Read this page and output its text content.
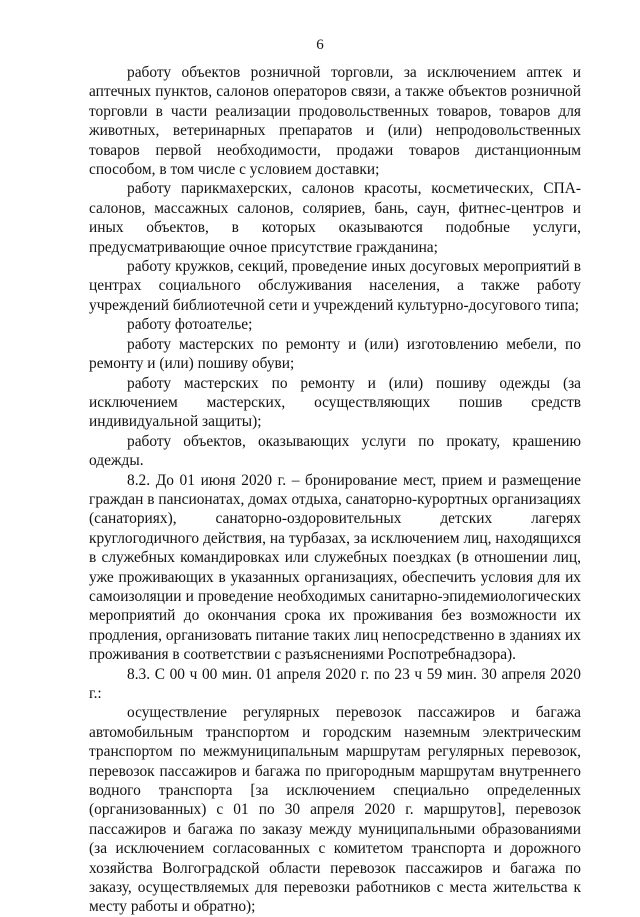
6

работу объектов розничной торговли, за исключением аптек и аптечных пунктов, салонов операторов связи, а также объектов розничной торговли в части реализации продовольственных товаров, товаров для животных, ветеринарных препаратов и (или) непродовольственных товаров первой необходимости, продажи товаров дистанционным способом, в том числе с условием доставки;

работу парикмахерских, салонов красоты, косметических, СПА-салонов, массажных салонов, соляриев, бань, саун, фитнес-центров и иных объектов, в которых оказываются подобные услуги, предусматривающие очное присутствие гражданина;

работу кружков, секций, проведение иных досуговых мероприятий в центрах социального обслуживания населения, а также работу учреждений библиотечной сети и учреждений культурно-досугового типа;

работу фотоателье;

работу мастерских по ремонту и (или) изготовлению мебели, по ремонту и (или) пошиву обуви;

работу мастерских по ремонту и (или) пошиву одежды (за исключением мастерских, осуществляющих пошив средств индивидуальной защиты);

работу объектов, оказывающих услуги по прокату, крашению одежды.

8.2. До 01 июня 2020 г. – бронирование мест, прием и размещение граждан в пансионатах, домах отдыха, санаторно-курортных организациях (санаториях), санаторно-оздоровительных детских лагерях круглогодичного действия, на турбазах, за исключением лиц, находящихся в служебных командировках или служебных поездках (в отношении лиц, уже проживающих в указанных организациях, обеспечить условия для их самоизоляции и проведение необходимых санитарно-эпидемиологических мероприятий до окончания срока их проживания без возможности их продления, организовать питание таких лиц непосредственно в зданиях их проживания в соответствии с разъяснениями Роспотребнадзора).

8.3. С 00 ч 00 мин. 01 апреля 2020 г. по 23 ч 59 мин. 30 апреля 2020 г.:

осуществление регулярных перевозок пассажиров и багажа автомобильным транспортом и городским наземным электрическим транспортом по межмуниципальным маршрутам регулярных перевозок, перевозок пассажиров и багажа по пригородным маршрутам внутреннего водного транспорта [за исключением специально определенных (организованных) с 01 по 30 апреля 2020 г. маршрутов], перевозок пассажиров и багажа по заказу между муниципальными образованиями (за исключением согласованных с комитетом транспорта и дорожного хозяйства Волгоградской области перевозок пассажиров и багажа по заказу, осуществляемых для перевозки работников с места жительства к месту работы и обратно);
